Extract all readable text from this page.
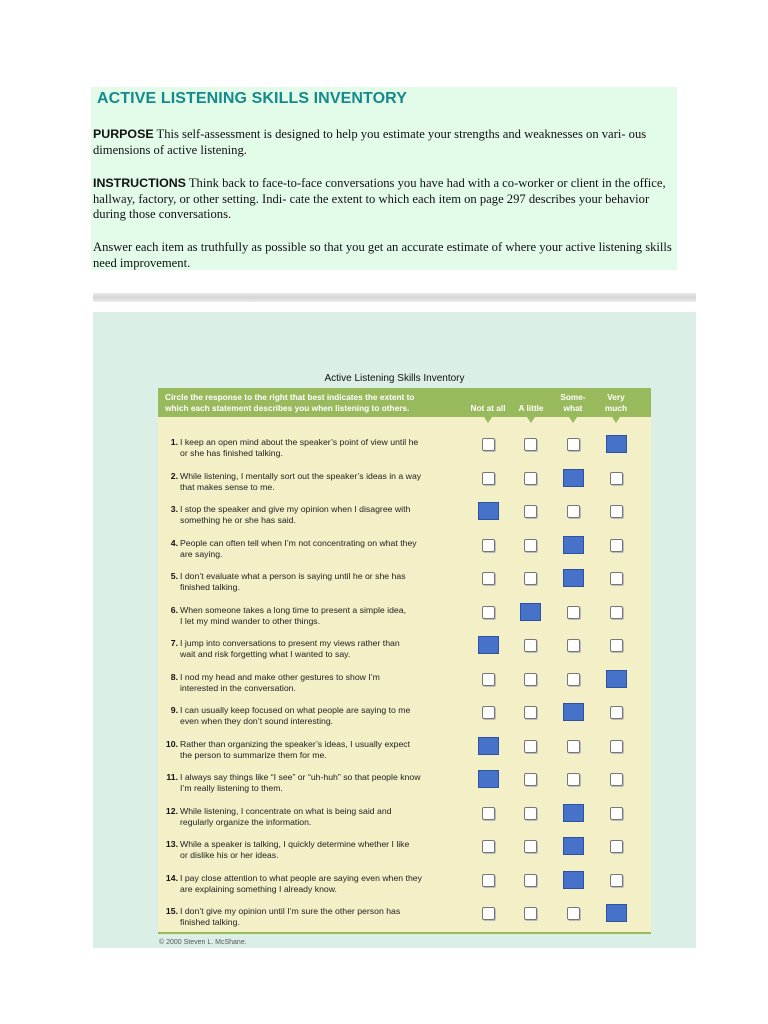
ACTIVE LISTENING SKILLS INVENTORY

PURPOSE This self-assessment is designed to help you estimate your strengths and weaknesses on vari- ous dimensions of active listening.

INSTRUCTIONS Think back to face-to-face conversations you have had with a co-worker or client in the office, hallway, factory, or other setting. Indi- cate the extent to which each item on page 297 describes your behavior during those conversations.

Answer each item as truthfully as possible so that you get an accurate estimate of where your active listening skills need improvement.

Active Listening Skills Inventory

Circle the response to the right that best indicates the extent to
which each statement describes you when listening to others.	Not at all	A little
Some-
what
Very
much
1. I keep an open mind about the speaker’s point of view until he
or she has finished talking.
2. While listening, I mentally sort out the speaker’s ideas in a way
that makes sense to me.
3. I stop the speaker and give my opinion when I disagree with
something he or she has said.
4. People can often tell when I’m not concentrating on what they
are saying.
5. I don’t evaluate what a person is saying until he or she has
finished talking.
6. When someone takes a long time to present a simple idea,
I let my mind wander to other things.
7. I jump into conversations to present my views rather than
wait and risk forgetting what I wanted to say.
8. I nod my head and make other gestures to show I’m
interested in the conversation.
9. I can usually keep focused on what people are saying to me
even when they don’t sound interesting.
10. Rather than organizing the speaker’s ideas, I usually expect
the person to summarize them for me.
11. I always say things like “I see” or “uh-huh” so that people know
I’m really listening to them.
12. While listening, I concentrate on what is being said and
regularly organize the information.
13. While a speaker is talking, I quickly determine whether I like
or dislike his or her ideas.
14. I pay close attention to what people are saying even when they
are explaining something I already know.
15. I don’t give my opinion until I’m sure the other person has
finished talking.
© 2000 Steven L. McShane.
